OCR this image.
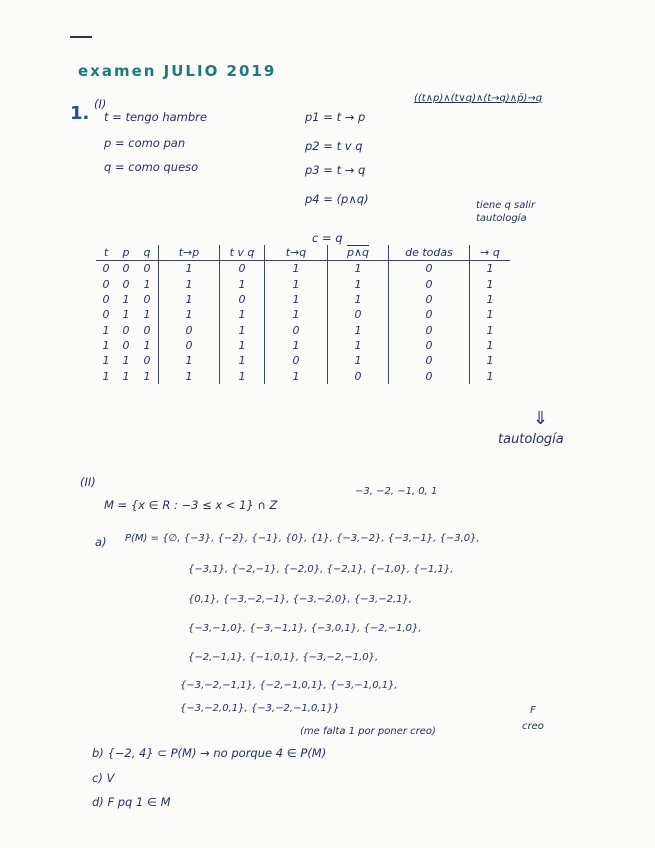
examen JULIO 2019
1. (I)
t = tengo hambre
p = como pan
q = como queso
p1 = t → p
p2 = t v q
p3 = t → q
p4 = (p∧q)
((t∧p)∧(t∨q)∧(t→q)∧p̄)→q
tiene q salir
tautología
c = q
t	p	q	t→p	t v q	t→q	p∧q	de todas	→ q
0	0	0	1	0	1	1	0	1
0	0	1	1	1	1	1	0	1
0	1	0	1	0	1	1	0	1
0	1	1	1	1	1	0	0	1
1	0	0	0	1	0	1	0	1
1	0	1	0	1	1	1	0	1
1	1	0	1	1	0	1	0	1
1	1	1	1	1	1	0	0	1
⇓
tautología
(II)
M = {x ∈ R : −3 ≤ x < 1} ∩ Z
−3, −2, −1, 0, 1
a) P(M) = {∅, {−3}, {−2}, {−1}, {0}, {1}, {−3,−2}, {−3,−1}, {−3,0},
{−3,1}, {−2,−1}, {−2,0}, {−2,1}, {−1,0}, {−1,1},
{0,1}, {−3,−2,−1}, {−3,−2,0}, {−3,−2,1},
{−3,−1,0}, {−3,−1,1}, {−3,0,1}, {−2,−1,0},
{−2,−1,1}, {−1,0,1}, {−3,−2,−1,0},
{−3,−2,−1,1}, {−2,−1,0,1}, {−3,−1,0,1},
{−3,−2,0,1}, {−3,−2,−1,0,1}}
(me falta 1 por poner creo)
F
creo
b) {−2, 4} ⊂ P(M) → no porque 4 ∈ P(M)
c) V
d) F pq 1 ∈ M
